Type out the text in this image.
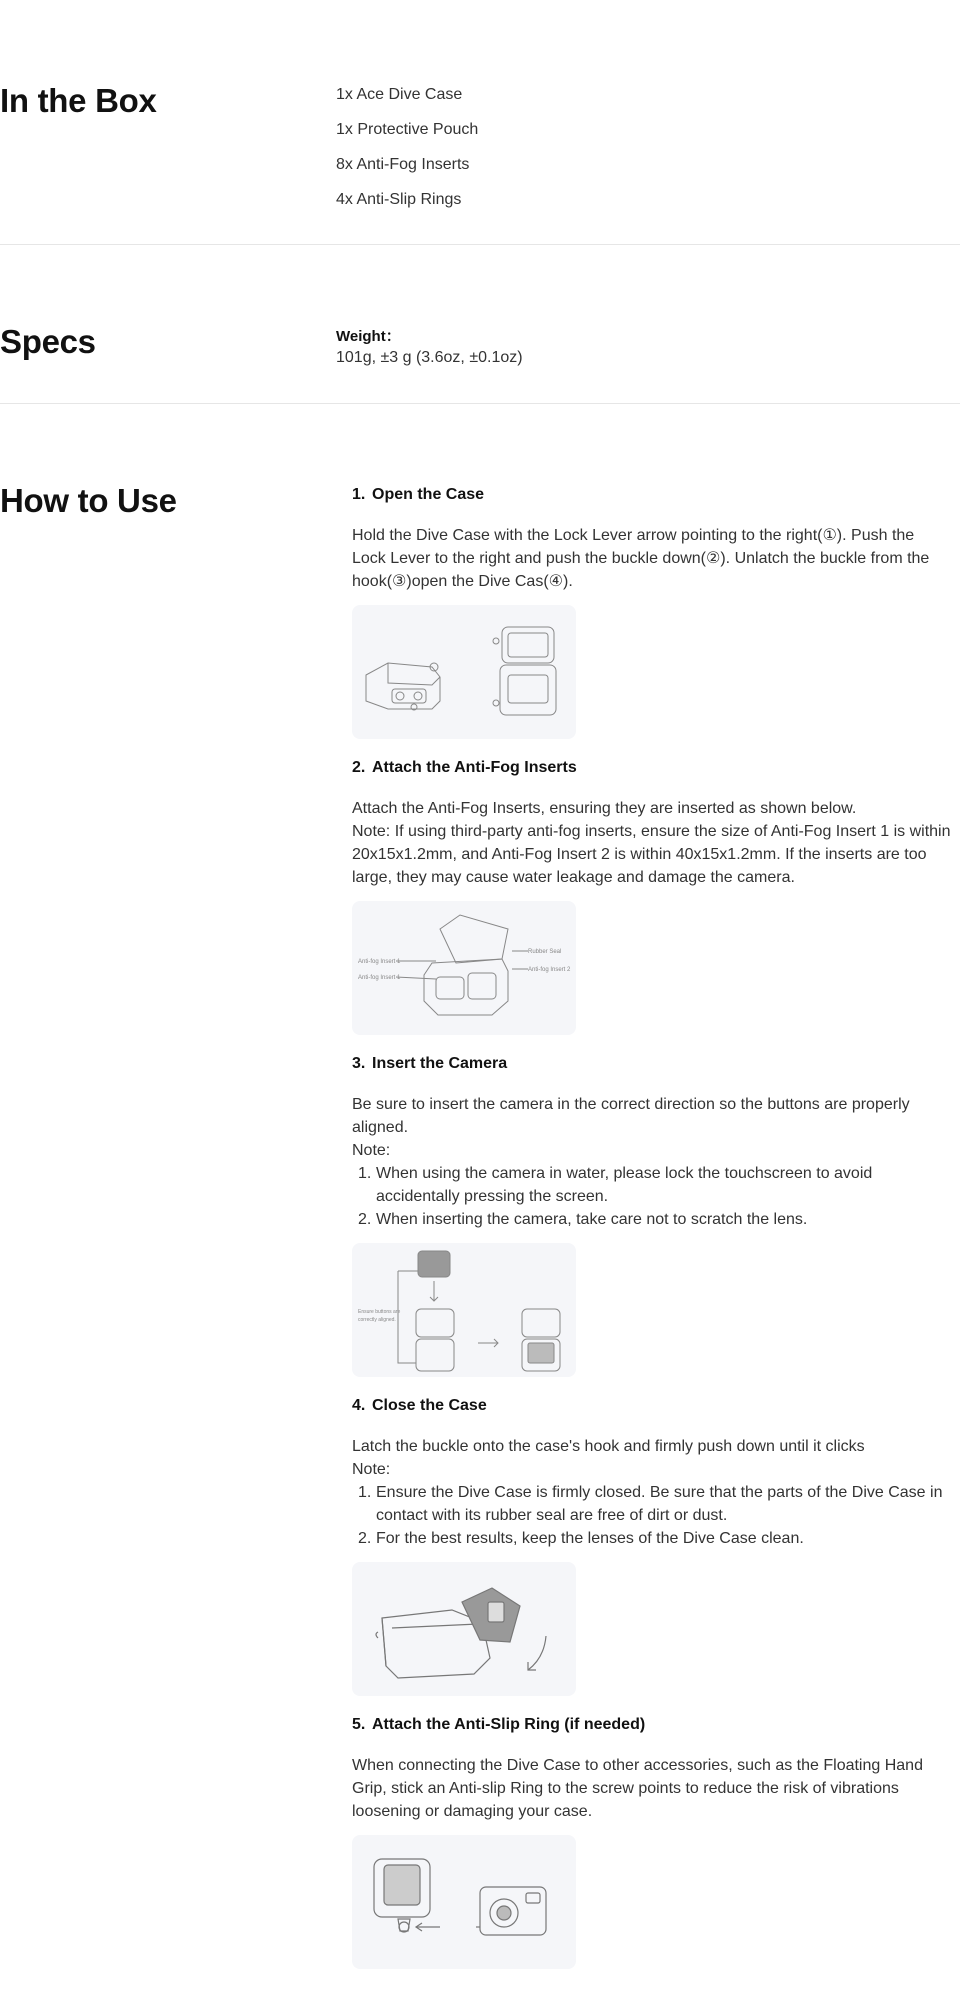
In the Box	1x Ace Dive Case
1x Protective Pouch
8x Anti-Fog Inserts
4x Anti-Slip Rings
Specs	Weight：
101g, ±3 g (3.6oz, ±0.1oz)
How to Use	1. Open the Case

Hold the Dive Case with the Lock Lever arrow pointing to the right(①). Push the Lock Lever to the right and push the buckle down(②). Unlatch the buckle from the hook(③)open the Dive Cas(④).

2. Attach the Anti-Fog Inserts

Attach the Anti-Fog Inserts, ensuring they are inserted as shown below.

Note: If using third-party anti-fog inserts, ensure the size of Anti-Fog Insert 1 is within 20x15x1.2mm, and Anti-Fog Insert 2 is within 40x15x1.2mm. If the inserts are too large, they may cause water leakage and damage the camera.

Rubber Seal
Anti-fog Insert 1
Anti-fog Insert 1
Anti-fog Insert 2
3. Insert the Camera

Be sure to insert the camera in the correct direction so the buttons are properly aligned.

Note:

1. When using the camera in water, please lock the touchscreen to avoid accidentally pressing the screen.
2. When inserting the camera, take care not to scratch the lens.
Ensure buttons are
correctly aligned.
4. Close the Case

Latch the buckle onto the case's hook and firmly push down until it clicks

Note:

1. Ensure the Dive Case is firmly closed. Be sure that the parts of the Dive Case in contact with its rubber seal are free of dirt or dust.
2. For the best results, keep the lenses of the Dive Case clean.
5. Attach the Anti-Slip Ring (if needed)

When connecting the Dive Case to other accessories, such as the Floating Hand Grip, stick an Anti-slip Ring to the screw points to reduce the risk of vibrations loosening or damaging your case.
